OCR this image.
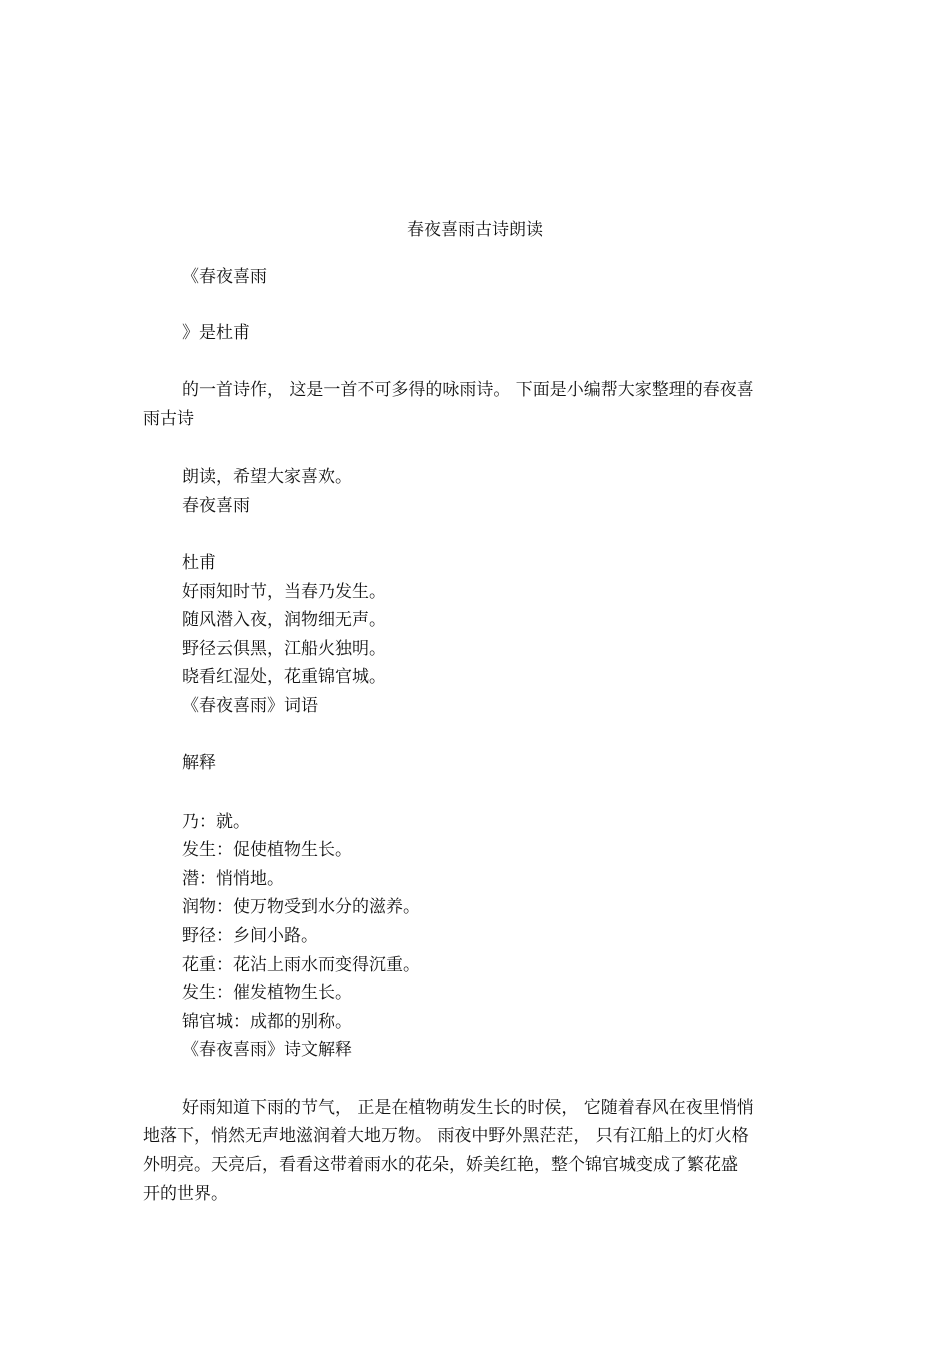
春夜喜雨古诗朗读
《春夜喜雨
》是杜甫
的一首诗作， 这是一首不可多得的咏雨诗。 下面是小编帮大家整理的春夜喜
雨古诗
朗读，希望大家喜欢。
春夜喜雨
杜甫
好雨知时节，当春乃发生。
随风潜入夜，润物细无声。
野径云俱黑，江船火独明。
晓看红湿处，花重锦官城。
《春夜喜雨》词语
解释
乃：就。
发生：促使植物生长。
潜：悄悄地。
润物：使万物受到水分的滋养。
野径：乡间小路。
花重：花沾上雨水而变得沉重。
发生：催发植物生长。
锦官城：成都的别称。
《春夜喜雨》诗文解释
好雨知道下雨的节气， 正是在植物萌发生长的时侯， 它随着春风在夜里悄悄
地落下，悄然无声地滋润着大地万物。 雨夜中野外黑茫茫， 只有江船上的灯火格
外明亮。天亮后，看看这带着雨水的花朵，娇美红艳，整个锦官城变成了繁花盛
开的世界。
